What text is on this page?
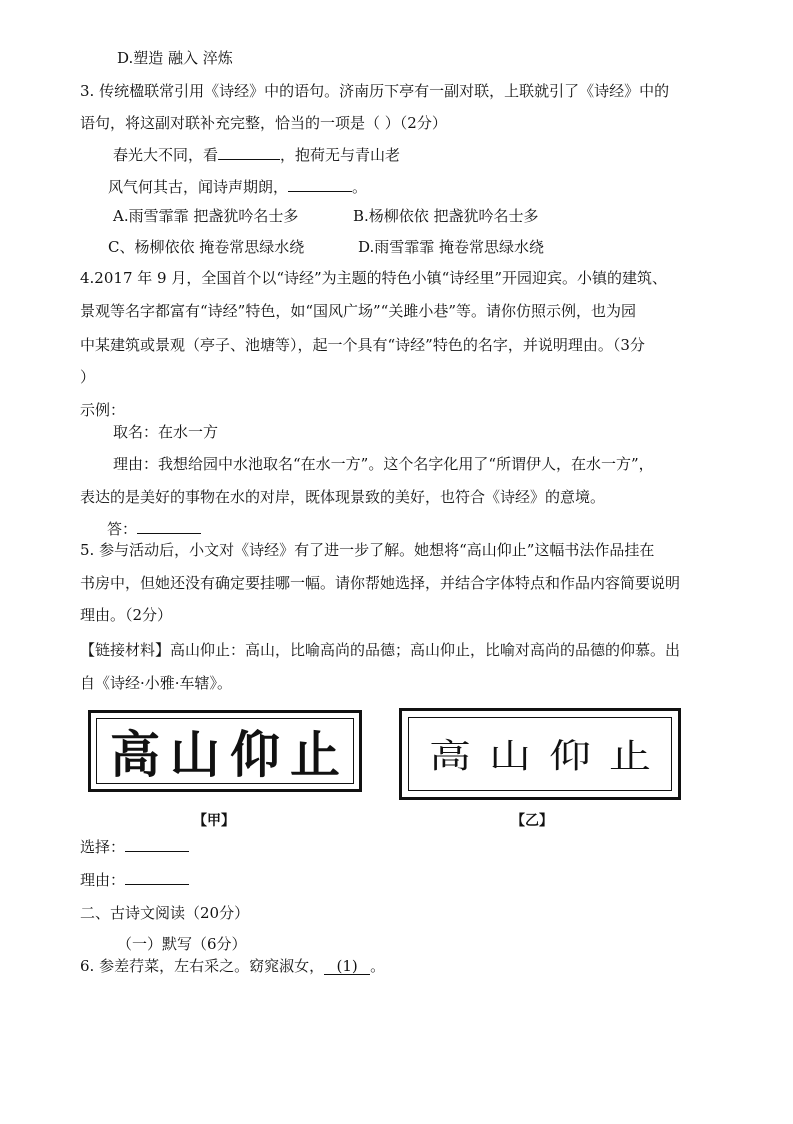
D.塑造 融入 淬炼
3. 传统楹联常引用《诗经》中的语句。济南历下亭有一副对联，上联就引了《诗经》中的
语句，将这副对联补充完整，恰当的一项是（ ）（2分）
春光大不同，看	，抱荷无与青山老
风气何其古，闻诗声期朗，	。
A.雨雪霏霏 把盏犹吟名士多	B.杨柳依依 把盏犹吟名士多
C、杨柳依依 掩卷常思绿水绕	D.雨雪霏霏 掩卷常思绿水绕
4.2017 年 9 月，全国首个以“诗经”为主题的特色小镇“诗经里”开园迎宾。小镇的建筑、
景观等名字都富有“诗经”特色，如“国风广场”“关雎小巷”等。请你仿照示例，也为园
中某建筑或景观（亭子、池塘等），起一个具有“诗经”特色的名字，并说明理由。（3分
）
示例：
取名：在水一方
理由：我想给园中水池取名“在水一方”。这个名字化用了“所谓伊人，在水一方”，
表达的是美好的事物在水的对岸，既体现景致的美好，也符合《诗经》的意境。
答：
5. 参与活动后，小文对《诗经》有了进一步了解。她想将“高山仰止”这幅书法作品挂在
书房中，但她还没有确定要挂哪一幅。请你帮她选择，并结合字体特点和作品内容简要说明
理由。（2分）
【链接材料】高山仰止：高山，比喻高尚的品德；高山仰止，比喻对高尚的品德的仰慕。出
自《诗经·小雅·车辖》。
高 山 仰 止 高 山 仰 止
【甲】	【乙】
选择：
理由：
二、古诗文阅读（20分）
（一）默写（6分）
6. 参差荇菜，左右采之。窈窕淑女， (1) 。
